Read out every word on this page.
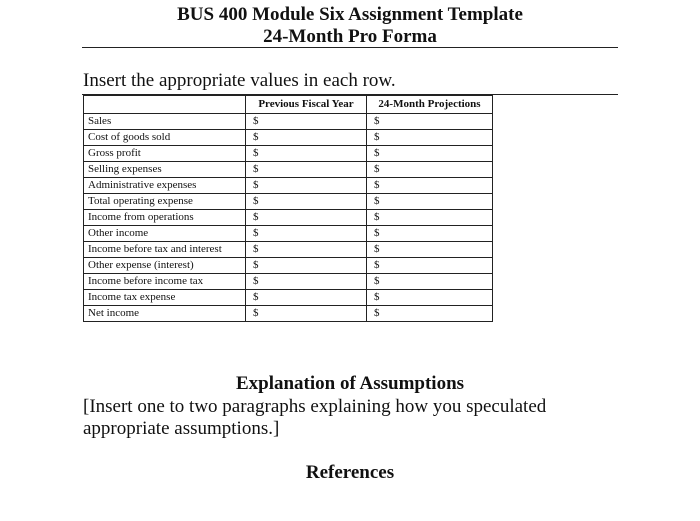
BUS 400 Module Six Assignment Template
24-Month Pro Forma
Insert the appropriate values in each row.
	Previous Fiscal Year	24-Month Projections
Sales	$	$
Cost of goods sold	$	$
Gross profit	$	$
Selling expenses	$	$
Administrative expenses	$	$
Total operating expense	$	$
Income from operations	$	$
Other income	$	$
Income before tax and interest	$	$
Other expense (interest)	$	$
Income before income tax	$	$
Income tax expense	$	$
Net income	$	$
Explanation of Assumptions
[Insert one to two paragraphs explaining how you speculated appropriate assumptions.]
References
